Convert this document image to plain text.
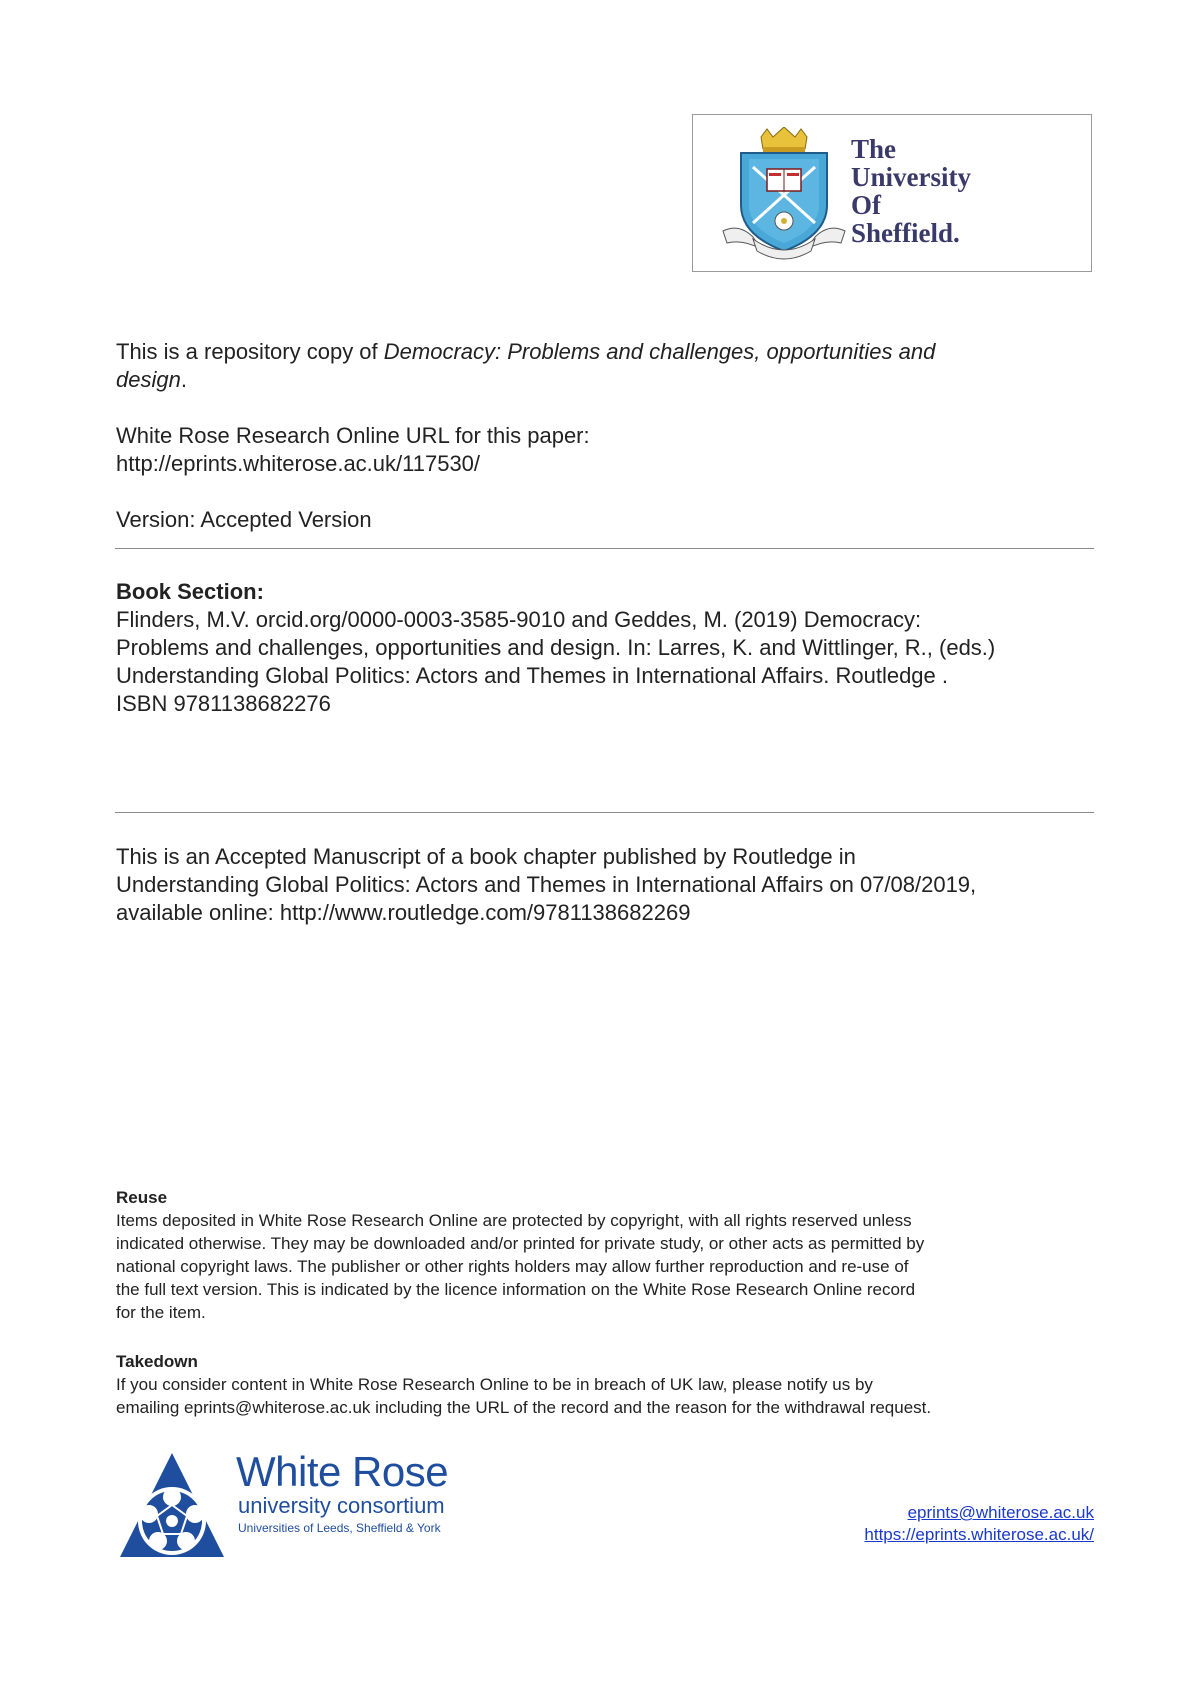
The
University
Of
Sheffield.
This is a repository copy of Democracy: Problems and challenges, opportunities and
design.
White Rose Research Online URL for this paper:
http://eprints.whiterose.ac.uk/117530/
Version: Accepted Version
Book Section:
Flinders, M.V. orcid.org/0000-0003-3585-9010 and Geddes, M. (2019) Democracy:
Problems and challenges, opportunities and design. In: Larres, K. and Wittlinger, R., (eds.)
Understanding Global Politics: Actors and Themes in International Affairs. Routledge .
ISBN 9781138682276
This is an Accepted Manuscript of a book chapter published by Routledge in
Understanding Global Politics: Actors and Themes in International Affairs on 07/08/2019,
available online: http://www.routledge.com/9781138682269
Reuse
Items deposited in White Rose Research Online are protected by copyright, with all rights reserved unless
indicated otherwise. They may be downloaded and/or printed for private study, or other acts as permitted by
national copyright laws. The publisher or other rights holders may allow further reproduction and re-use of
the full text version. This is indicated by the licence information on the White Rose Research Online record
for the item.
Takedown
If you consider content in White Rose Research Online to be in breach of UK law, please notify us by
emailing eprints@whiterose.ac.uk including the URL of the record and the reason for the withdrawal request.
White Rose
university consortium
Universities of Leeds, Sheffield & York
eprints@whiterose.ac.uk
https://eprints.whiterose.ac.uk/
